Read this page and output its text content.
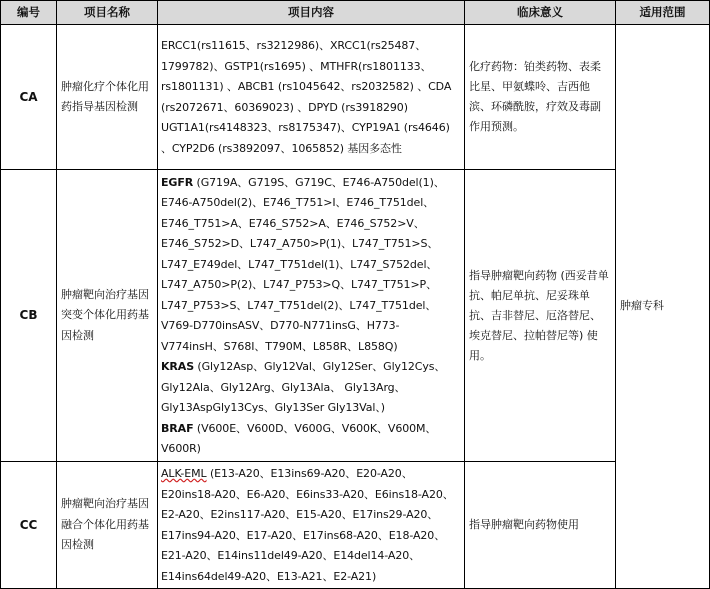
编号	项目名称	项目内容	临床意义	适用范围
CA	肿瘤化疗个体化用药指导基因检测	ERCC1(rs11615、rs3212986)、XRCC1(rs25487、1799782)、GSTP1(rs1695) 、MTHFR(rs1801133、rs1801131) 、ABCB1 (rs1045642、rs2032582) 、CDA (rs2072671、60369023) 、DPYD (rs3918290) UGT1A1(rs4148323、rs8175347)、CYP19A1 (rs4646) 、CYP2D6 (rs3892097、1065852) 基因多态性	化疗药物：铂类药物、表柔比星、甲氨蝶呤、吉西他滨、环磷酰胺，疗效及毒副作用预测。	肿瘤专科
CB	肿瘤靶向治疗基因突变个体化用药基因检测	EGFR (G719A、G719S、G719C、E746-A750del(1)、E746-A750del(2)、E746_T751>I、E746_T751del、E746_T751>A、E746_S752>A、E746_S752>V、E746_S752>D、L747_A750>P(1)、L747_T751>S、L747_E749del、L747_T751del(1)、L747_S752del、L747_A750>P(2)、L747_P753>Q、L747_T751>P、L747_P753>S、L747_T751del(2)、L747_T751del、V769-D770insASV、D770-N771insG、H773-V774insH、S768I、T790M、L858R、L858Q)
KRAS (Gly12Asp、Gly12Val、Gly12Ser、Gly12Cys、Gly12Ala、Gly12Arg、Gly13Ala、 Gly13Arg、Gly13AspGly13Cys、Gly13Ser Gly13Val、)
BRAF (V600E、V600D、V600G、V600K、V600M、V600R)	指导肿瘤靶向药物 (西妥昔单抗、帕尼单抗、尼妥珠单抗、吉非替尼、厄洛替尼、埃克替尼、拉帕替尼等) 使用。	
CC	肿瘤靶向治疗基因融合个体化用药基因检测	ALK-EML (E13-A20、E13ins69-A20、E20-A20、E20ins18-A20、E6-A20、E6ins33-A20、E6ins18-A20、E2-A20、E2ins117-A20、E15-A20、E17ins29-A20、E17ins94-A20、E17-A20、E17ins68-A20、E18-A20、E21-A20、E14ins11del49-A20、E14del14-A20、E14ins64del49-A20、E13-A21、E2-A21)	指导肿瘤靶向药物使用	
